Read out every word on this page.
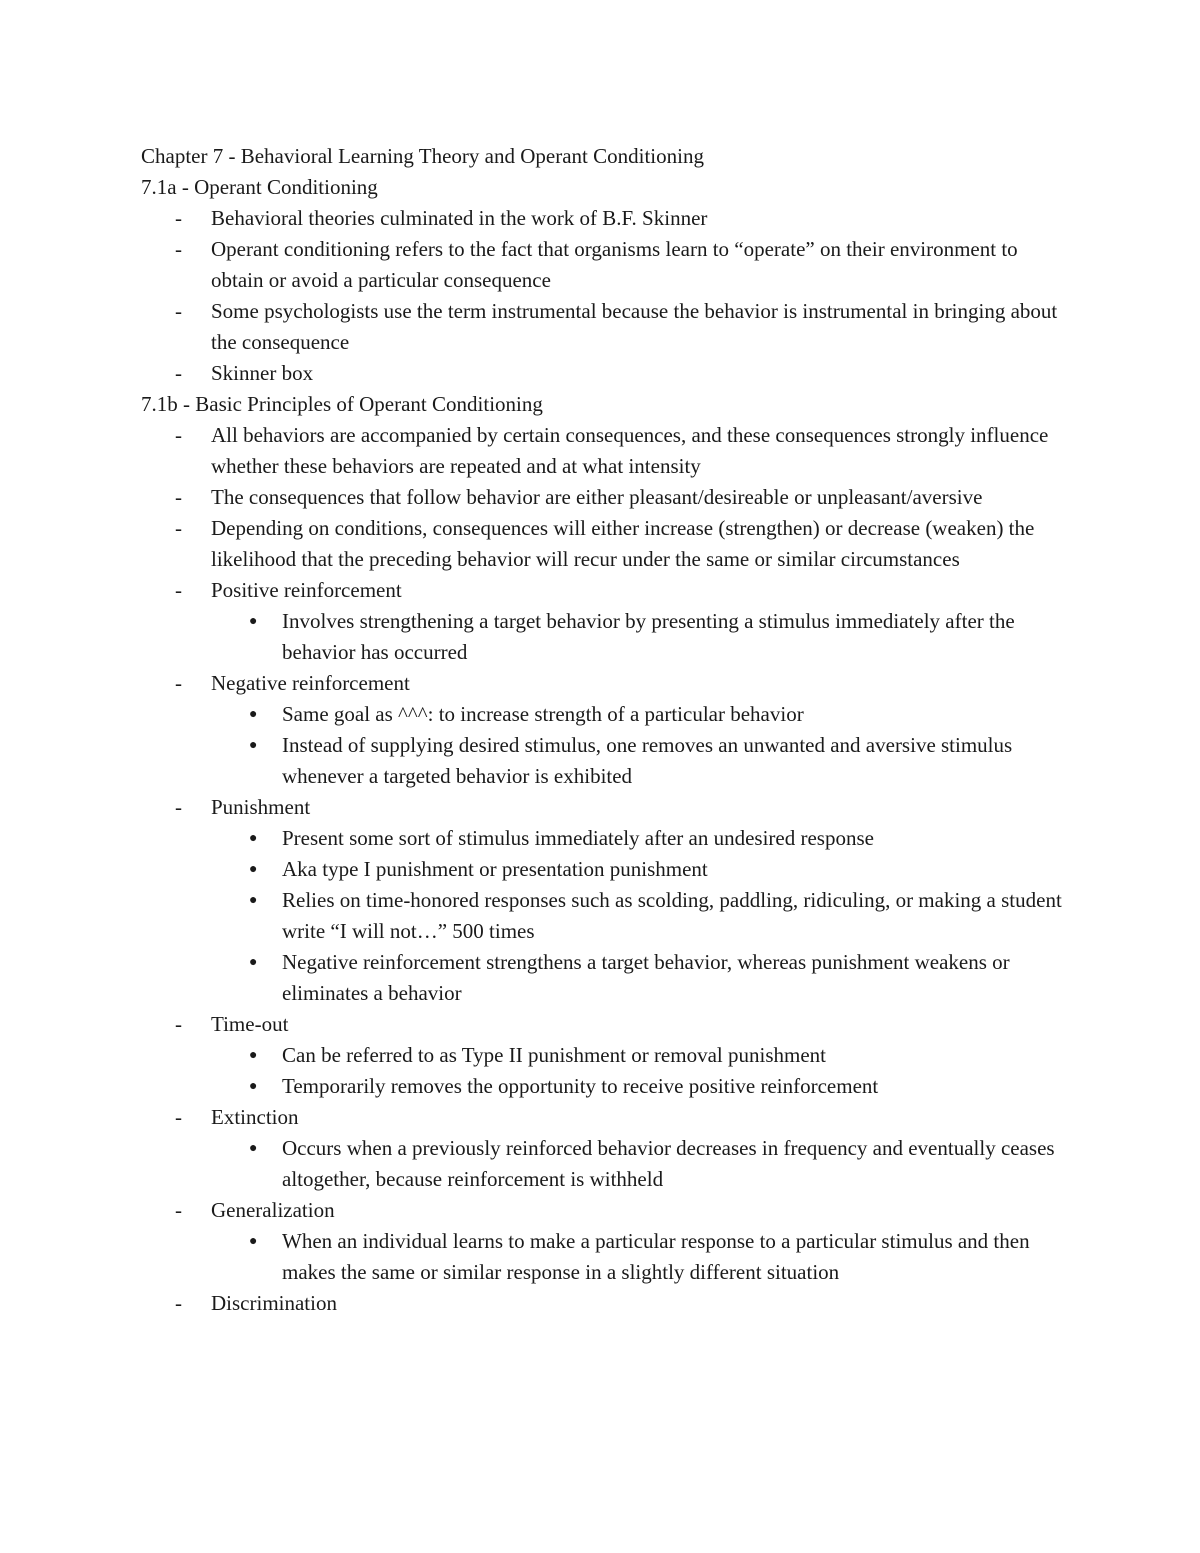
Chapter 7 - Behavioral Learning Theory and Operant Conditioning

7.1a - Operant Conditioning

- Behavioral theories culminated in the work of B.F. Skinner
- Operant conditioning refers to the fact that organisms learn to “operate” on their environment to obtain or avoid a particular consequence
- Some psychologists use the term instrumental because the behavior is instrumental in bringing about the consequence
- Skinner box

7.1b - Basic Principles of Operant Conditioning

- All behaviors are accompanied by certain consequences, and these consequences strongly influence whether these behaviors are repeated and at what intensity
- The consequences that follow behavior are either pleasant/desireable or unpleasant/aversive
- Depending on conditions, consequences will either increase (strengthen) or decrease (weaken) the likelihood that the preceding behavior will recur under the same or similar circumstances
- Positive reinforcement
● Involves strengthening a target behavior by presenting a stimulus immediately after the behavior has occurred
- Negative reinforcement
● Same goal as ^^^: to increase strength of a particular behavior
● Instead of supplying desired stimulus, one removes an unwanted and aversive stimulus whenever a targeted behavior is exhibited
- Punishment
● Present some sort of stimulus immediately after an undesired response
● Aka type I punishment or presentation punishment
● Relies on time-honored responses such as scolding, paddling, ridiculing, or making a student write “I will not…” 500 times
● Negative reinforcement strengthens a target behavior, whereas punishment weakens or eliminates a behavior
- Time-out
● Can be referred to as Type II punishment or removal punishment
● Temporarily removes the opportunity to receive positive reinforcement
- Extinction
● Occurs when a previously reinforced behavior decreases in frequency and eventually ceases altogether, because reinforcement is withheld
- Generalization
● When an individual learns to make a particular response to a particular stimulus and then makes the same or similar response in a slightly different situation
- Discrimination
